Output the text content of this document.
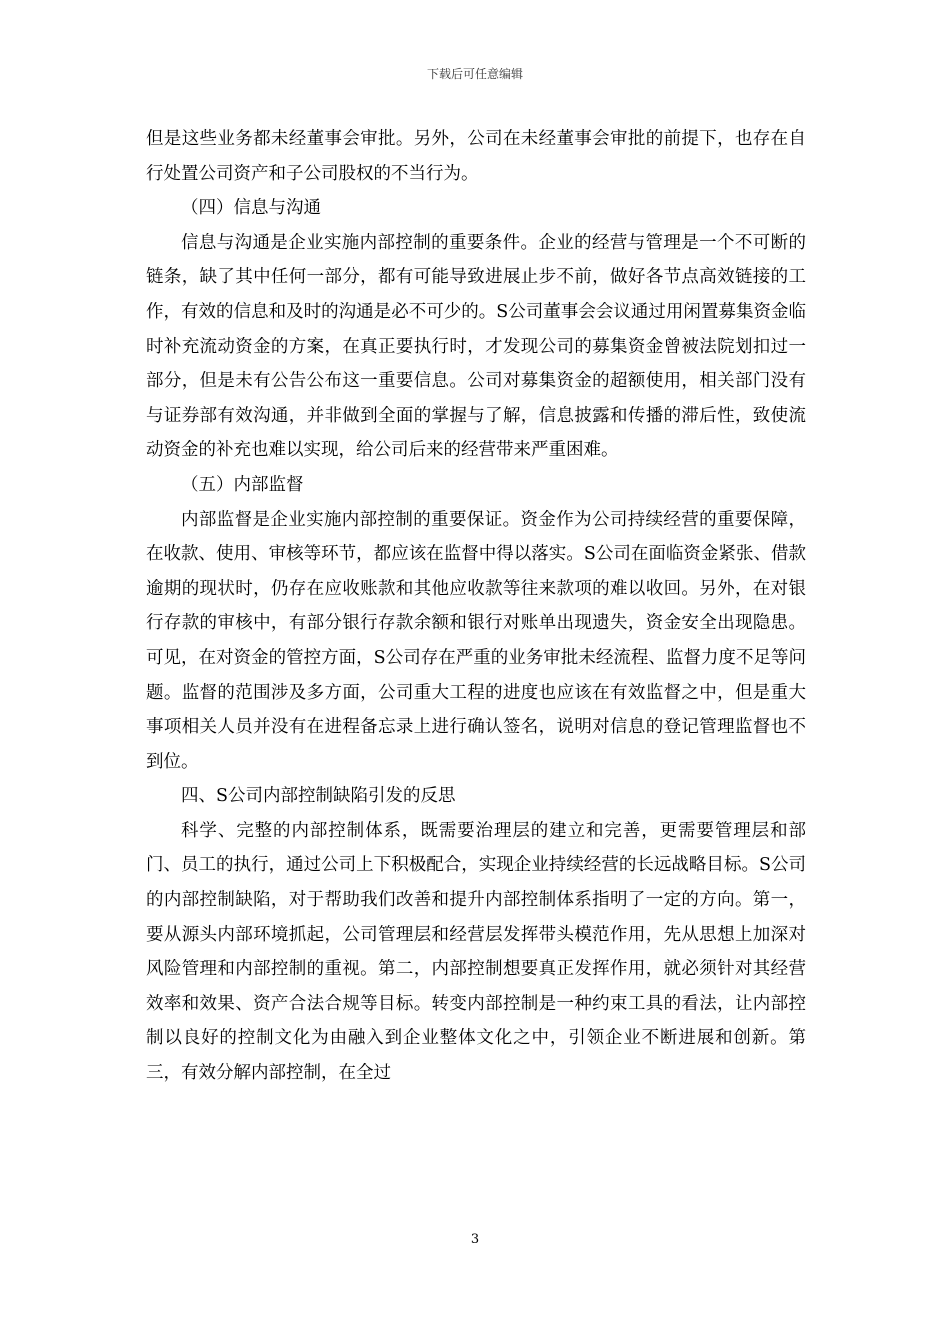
下载后可任意编辑

但是这些业务都未经董事会审批。另外，公司在未经董事会审批的前提下，也存在自行处置公司资产和子公司股权的不当行为。

（四）信息与沟通

信息与沟通是企业实施内部控制的重要条件。企业的经营与管理是一个不可断的链条，缺了其中任何一部分，都有可能导致进展止步不前，做好各节点高效链接的工作，有效的信息和及时的沟通是必不可少的。S公司董事会会议通过用闲置募集资金临时补充流动资金的方案，在真正要执行时，才发现公司的募集资金曾被法院划扣过一部分，但是未有公告公布这一重要信息。公司对募集资金的超额使用，相关部门没有与证券部有效沟通，并非做到全面的掌握与了解，信息披露和传播的滞后性，致使流动资金的补充也难以实现，给公司后来的经营带来严重困难。

（五）内部监督

内部监督是企业实施内部控制的重要保证。资金作为公司持续经营的重要保障，在收款、使用、审核等环节，都应该在监督中得以落实。S公司在面临资金紧张、借款逾期的现状时，仍存在应收账款和其他应收款等往来款项的难以收回。另外，在对银行存款的审核中，有部分银行存款余额和银行对账单出现遗失，资金安全出现隐患。可见，在对资金的管控方面，S公司存在严重的业务审批未经流程、监督力度不足等问题。监督的范围涉及多方面，公司重大工程的进度也应该在有效监督之中，但是重大事项相关人员并没有在进程备忘录上进行确认签名，说明对信息的登记管理监督也不到位。

四、S公司内部控制缺陷引发的反思

科学、完整的内部控制体系，既需要治理层的建立和完善，更需要管理层和部门、员工的执行，通过公司上下积极配合，实现企业持续经营的长远战略目标。S公司的内部控制缺陷，对于帮助我们改善和提升内部控制体系指明了一定的方向。第一，要从源头内部环境抓起，公司管理层和经营层发挥带头模范作用，先从思想上加深对风险管理和内部控制的重视。第二，内部控制想要真正发挥作用，就必须针对其经营效率和效果、资产合法合规等目标。转变内部控制是一种约束工具的看法，让内部控制以良好的控制文化为由融入到企业整体文化之中，引领企业不断进展和创新。第三，有效分解内部控制，在全过

3
